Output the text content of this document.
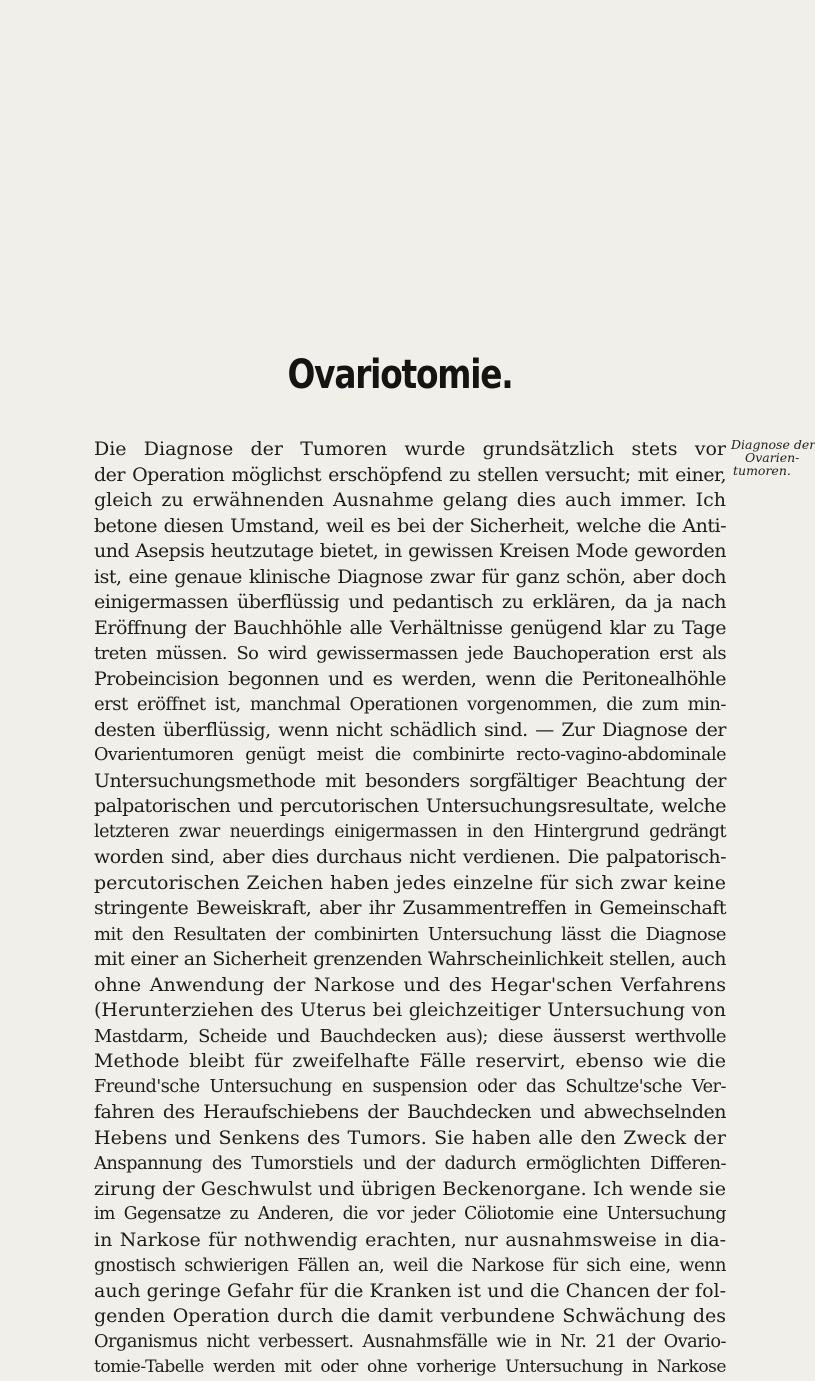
Ovariotomie.
Diagnose der
Ovarien-
tumoren.
Die Diagnose der Tumoren wurde grundsätzlich stets vor
der Operation möglichst erschöpfend zu stellen versucht; mit einer,
gleich zu erwähnenden Ausnahme gelang dies auch immer. Ich
betone diesen Umstand, weil es bei der Sicherheit, welche die Anti-
und Asepsis heutzutage bietet, in gewissen Kreisen Mode geworden
ist, eine genaue klinische Diagnose zwar für ganz schön, aber doch
einigermassen überflüssig und pedantisch zu erklären, da ja nach
Eröffnung der Bauchhöhle alle Verhältnisse genügend klar zu Tage
treten müssen. So wird gewissermassen jede Bauchoperation erst als
Probeincision begonnen und es werden, wenn die Peritonealhöhle
erst eröffnet ist, manchmal Operationen vorgenommen, die zum min-
desten überflüssig, wenn nicht schädlich sind. — Zur Diagnose der
Ovarientumoren genügt meist die combinirte recto-vagino-abdominale
Untersuchungsmethode mit besonders sorgfältiger Beachtung der
palpatorischen und percutorischen Untersuchungsresultate, welche
letzteren zwar neuerdings einigermassen in den Hintergrund gedrängt
worden sind, aber dies durchaus nicht verdienen. Die palpatorisch-
percutorischen Zeichen haben jedes einzelne für sich zwar keine
stringente Beweiskraft, aber ihr Zusammentreffen in Gemeinschaft
mit den Resultaten der combinirten Untersuchung lässt die Diagnose
mit einer an Sicherheit grenzenden Wahrscheinlichkeit stellen, auch
ohne Anwendung der Narkose und des Hegar'schen Verfahrens
(Herunterziehen des Uterus bei gleichzeitiger Untersuchung von
Mastdarm, Scheide und Bauchdecken aus); diese äusserst werthvolle
Methode bleibt für zweifelhafte Fälle reservirt, ebenso wie die
Freund'sche Untersuchung en suspension oder das Schultze'sche Ver-
fahren des Heraufschiebens der Bauchdecken und abwechselnden
Hebens und Senkens des Tumors. Sie haben alle den Zweck der
Anspannung des Tumorstiels und der dadurch ermöglichten Differen-
zirung der Geschwulst und übrigen Beckenorgane. Ich wende sie
im Gegensatze zu Anderen, die vor jeder Cöliotomie eine Untersuchung
in Narkose für nothwendig erachten, nur ausnahmsweise in dia-
gnostisch schwierigen Fällen an, weil die Narkose für sich eine, wenn
auch geringe Gefahr für die Kranken ist und die Chancen der fol-
genden Operation durch die damit verbundene Schwächung des
Organismus nicht verbessert. Ausnahmsfälle wie in Nr. 21 der Ovario-
tomie-Tabelle werden mit oder ohne vorherige Untersuchung in Narkose
